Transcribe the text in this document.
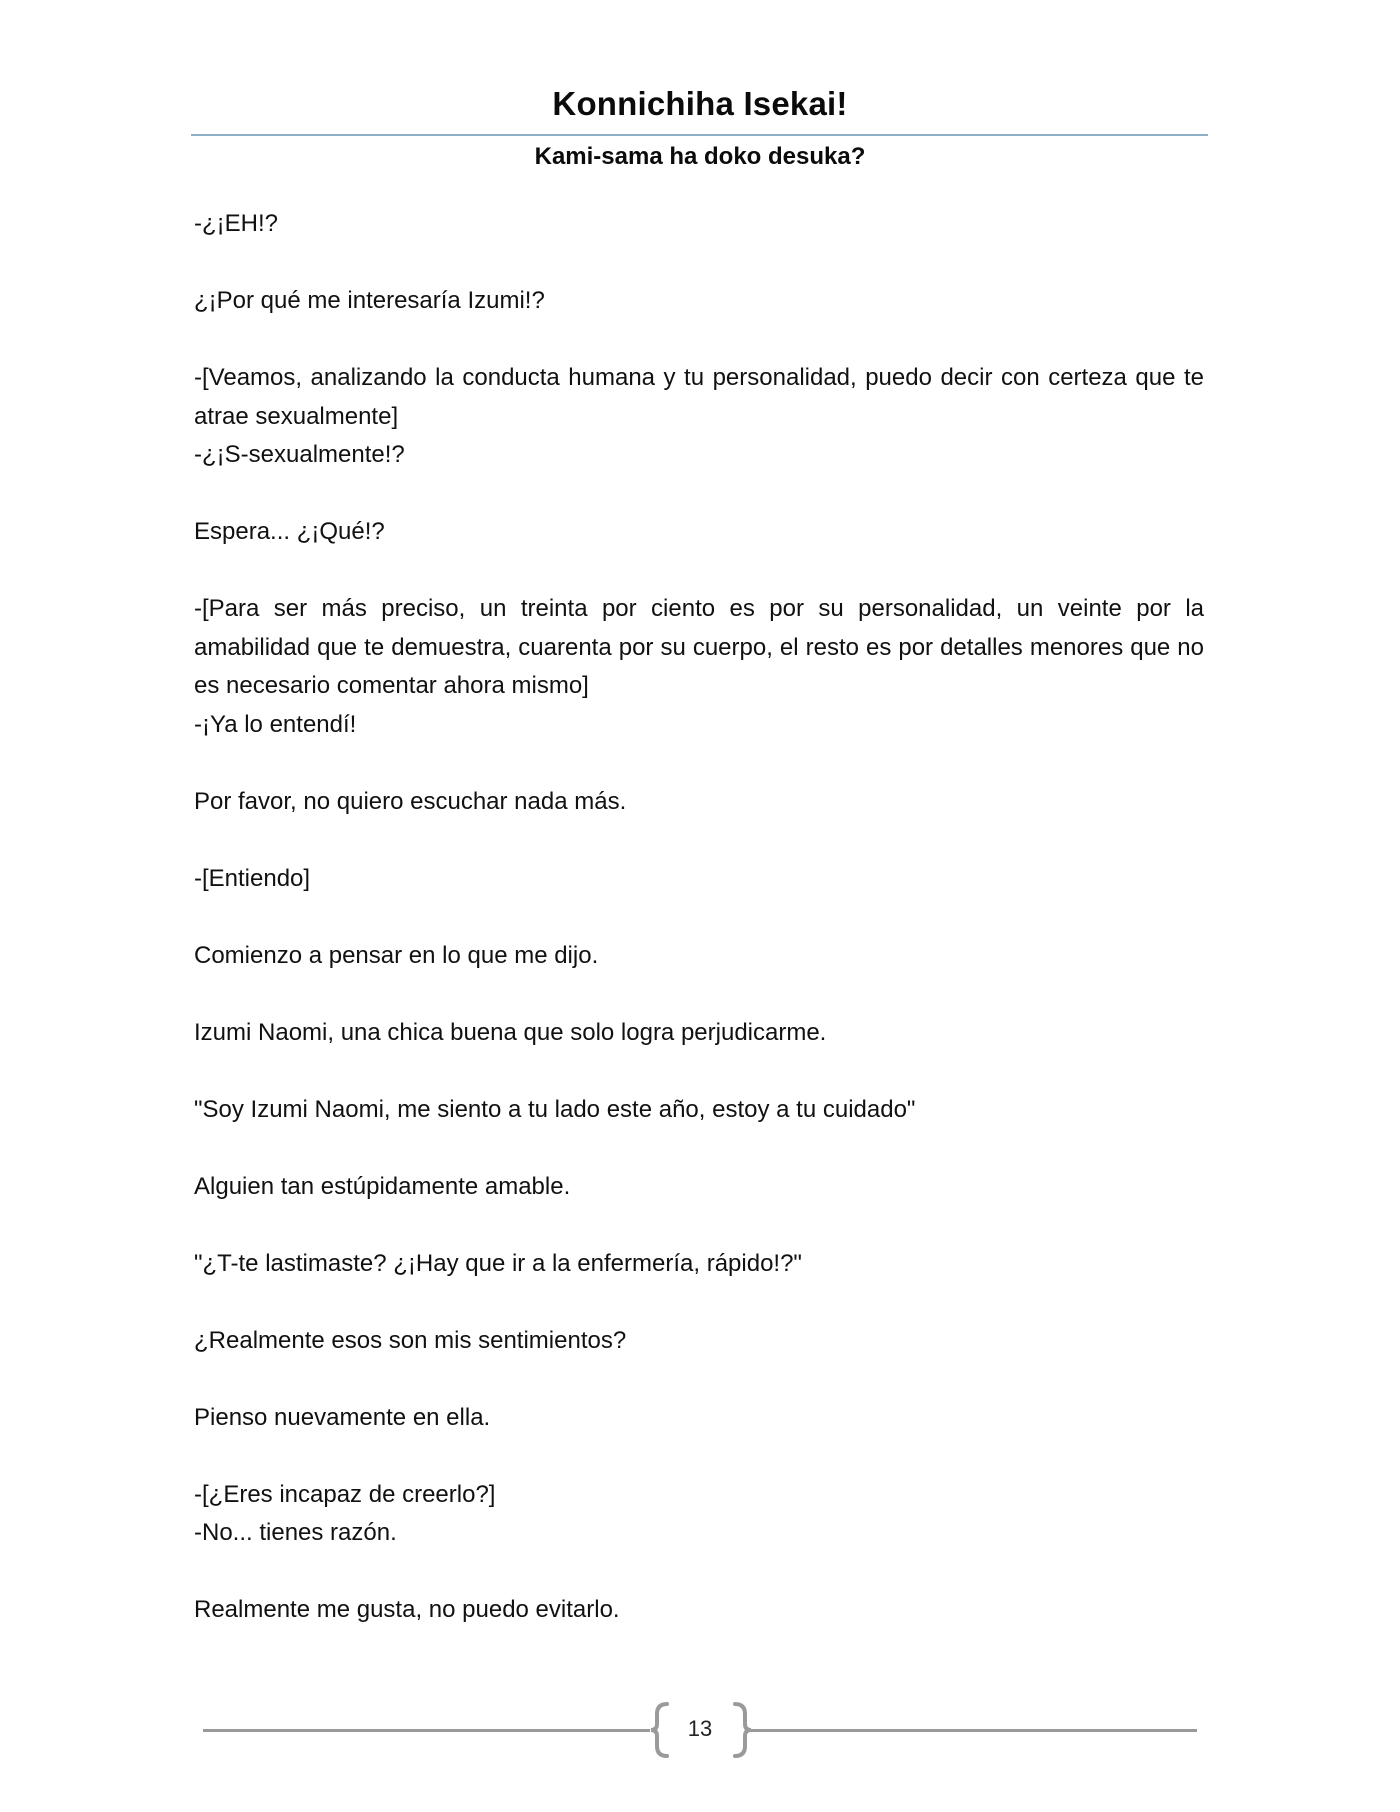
Konnichiha Isekai!
Kami-sama ha doko desuka?

-¿¡EH!?

¿¡Por qué me interesaría Izumi!?

-[Veamos, analizando la conducta humana y tu personalidad, puedo decir con certeza que te atrae sexualmente]

-¿¡S-sexualmente!?

Espera... ¿¡Qué!?

-[Para ser más preciso, un treinta por ciento es por su personalidad, un veinte por la amabilidad que te demuestra, cuarenta por su cuerpo, el resto es por detalles menores que no es necesario comentar ahora mismo]

-¡Ya lo entendí!

Por favor, no quiero escuchar nada más.

-[Entiendo]

Comienzo a pensar en lo que me dijo.

Izumi Naomi, una chica buena que solo logra perjudicarme.

"Soy Izumi Naomi, me siento a tu lado este año, estoy a tu cuidado"

Alguien tan estúpidamente amable.

"¿T-te lastimaste? ¿¡Hay que ir a la enfermería, rápido!?"

¿Realmente esos son mis sentimientos?

Pienso nuevamente en ella.

-[¿Eres incapaz de creerlo?]

-No... tienes razón.

Realmente me gusta, no puedo evitarlo.

13
